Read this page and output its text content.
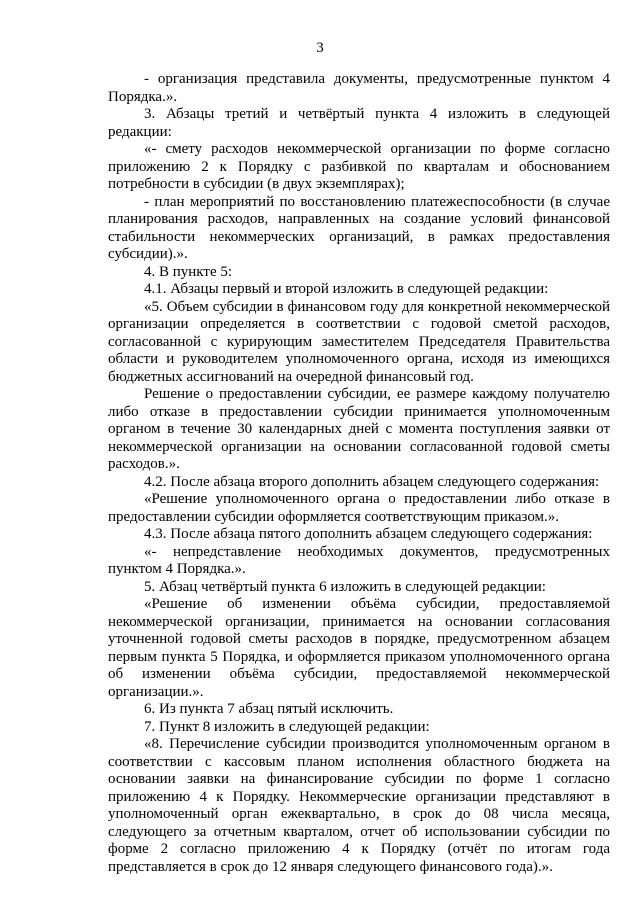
3

- организация представила документы, предусмотренные пунктом 4 Порядка.».

3. Абзацы третий и четвёртый пункта 4 изложить в следующей редакции:

«- смету расходов некоммерческой организации по форме согласно приложению 2 к Порядку с разбивкой по кварталам и обоснованием потребности в субсидии (в двух экземплярах);

- план мероприятий по восстановлению платежеспособности (в случае планирования расходов, направленных на создание условий финансовой стабильности некоммерческих организаций, в рамках предоставления субсидии).».

4. В пункте 5:

4.1. Абзацы первый и второй изложить в следующей редакции:

«5. Объем субсидии в финансовом году для конкретной некоммерческой организации определяется в соответствии с годовой сметой расходов, согласованной с курирующим заместителем Председателя Правительства области и руководителем уполномоченного органа, исходя из имеющихся бюджетных ассигнований на очередной финансовый год.

Решение о предоставлении субсидии, ее размере каждому получателю либо отказе в предоставлении субсидии принимается уполномоченным органом в течение 30 календарных дней с момента поступления заявки от некоммерческой организации на основании согласованной годовой сметы расходов.».

4.2. После абзаца второго дополнить абзацем следующего содержания:

«Решение уполномоченного органа о предоставлении либо отказе в предоставлении субсидии оформляется соответствующим приказом.».

4.3. После абзаца пятого дополнить абзацем следующего содержания:

«- непредставление необходимых документов, предусмотренных пунктом 4 Порядка.».

5. Абзац четвёртый пункта 6 изложить в следующей редакции:

«Решение об изменении объёма субсидии, предоставляемой некоммерческой организации, принимается на основании согласования уточненной годовой сметы расходов в порядке, предусмотренном абзацем первым пункта 5 Порядка, и оформляется приказом уполномоченного органа об изменении объёма субсидии, предоставляемой некоммерческой организации.».

6. Из пункта 7 абзац пятый исключить.

7. Пункт 8 изложить в следующей редакции:

«8. Перечисление субсидии производится уполномоченным органом в соответствии с кассовым планом исполнения областного бюджета на основании заявки на финансирование субсидии по форме 1 согласно приложению 4 к Порядку. Некоммерческие организации представляют в уполномоченный орган ежеквартально, в срок до 08 числа месяца, следующего за отчетным кварталом, отчет об использовании субсидии по форме 2 согласно приложению 4 к Порядку (отчёт по итогам года представляется в срок до 12 января следующего финансового года).».
